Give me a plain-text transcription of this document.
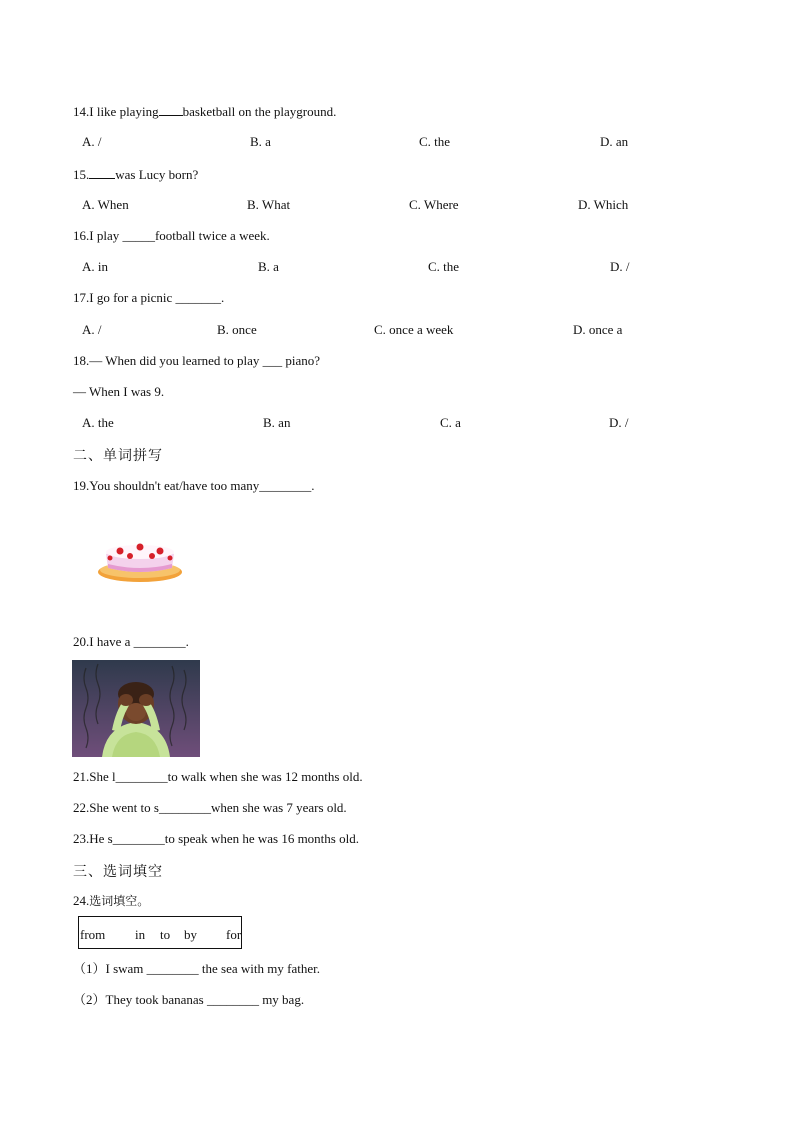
14.I like playing basketball on the playground.
A. /	B. a	C. the	D. an
15. was Lucy born?
A. When	B. What	C. Where	D. Which
16.I play _____football twice a week.
A. in	B. a	C. the	D. /
17.I go for a picnic _______.
A. /	B. once	C. once a week	D. once a
18.— When did you learned to play ___ piano?
— When I was 9.
A. the	B. an	C. a	D. /
二、单词拼写
19.You shouldn't eat/have too many________.
20.I have a ________.
21.She l________to walk when she was 12 months old.
22.She went to s________when she was 7 years old.
23.He s________to speak when he was 16 months old.
三、选词填空
24.选词填空。
from in to by for
（1）I swam ________ the sea with my father.
（2）They took bananas ________ my bag.
